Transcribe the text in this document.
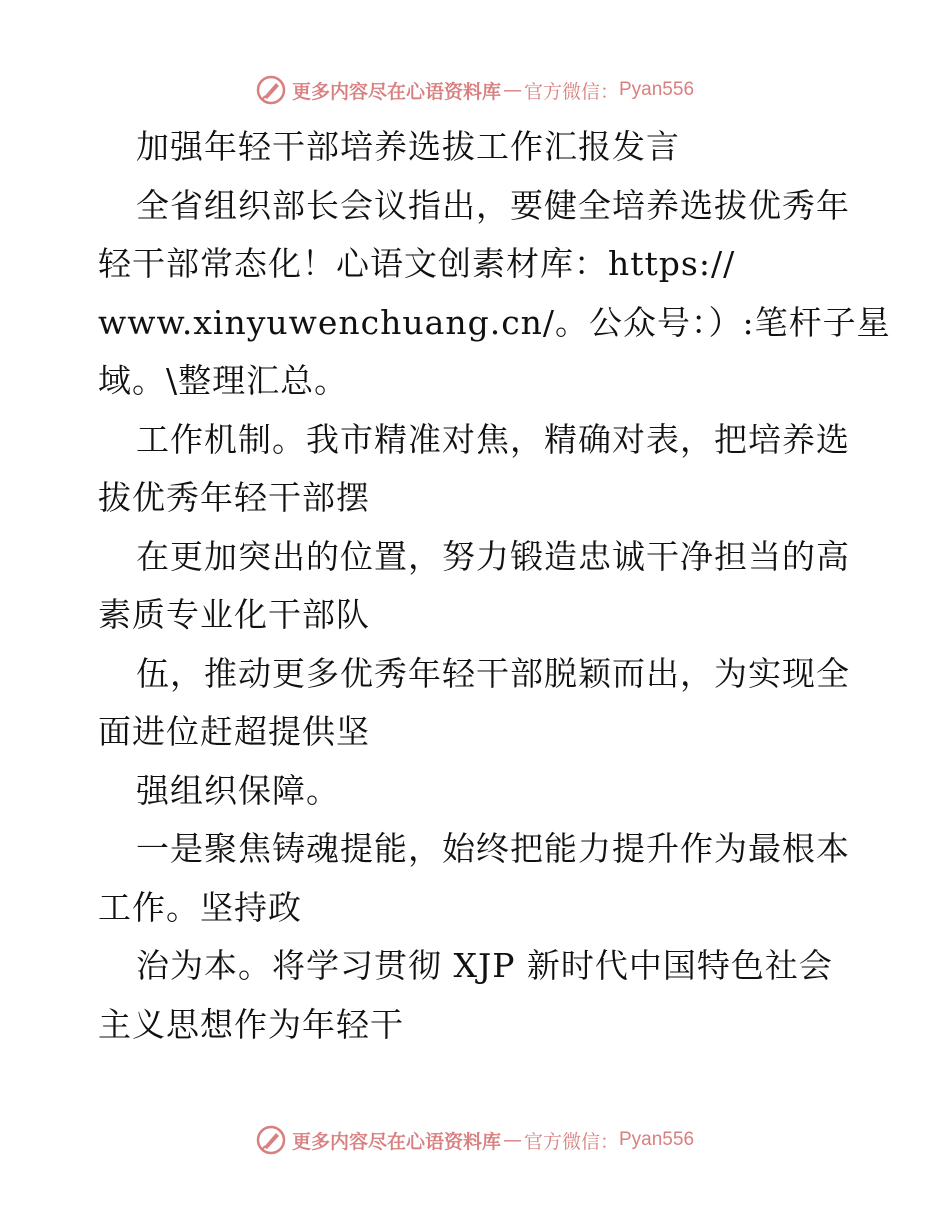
更多内容尽在心语资料库 — 官方微信： Pyan556
加强年轻干部培养选拔工作汇报发言
全省组织部长会议指出，要健全培养选拔优秀年
轻干部常态化！心语文创素材库：https://
www.xinyuwenchuang.cn/。公众号：）:笔杆子星
域。\整理汇总。
工作机制。我市精准对焦，精确对表，把培养选
拔优秀年轻干部摆
在更加突出的位置，努力锻造忠诚干净担当的高
素质专业化干部队
伍，推动更多优秀年轻干部脱颖而出，为实现全
面进位赶超提供坚
强组织保障。
一是聚焦铸魂提能，始终把能力提升作为最根本
工作。坚持政
治为本。将学习贯彻 XJP 新时代中国特色社会
主义思想作为年轻干
更多内容尽在心语资料库 — 官方微信： Pyan556
